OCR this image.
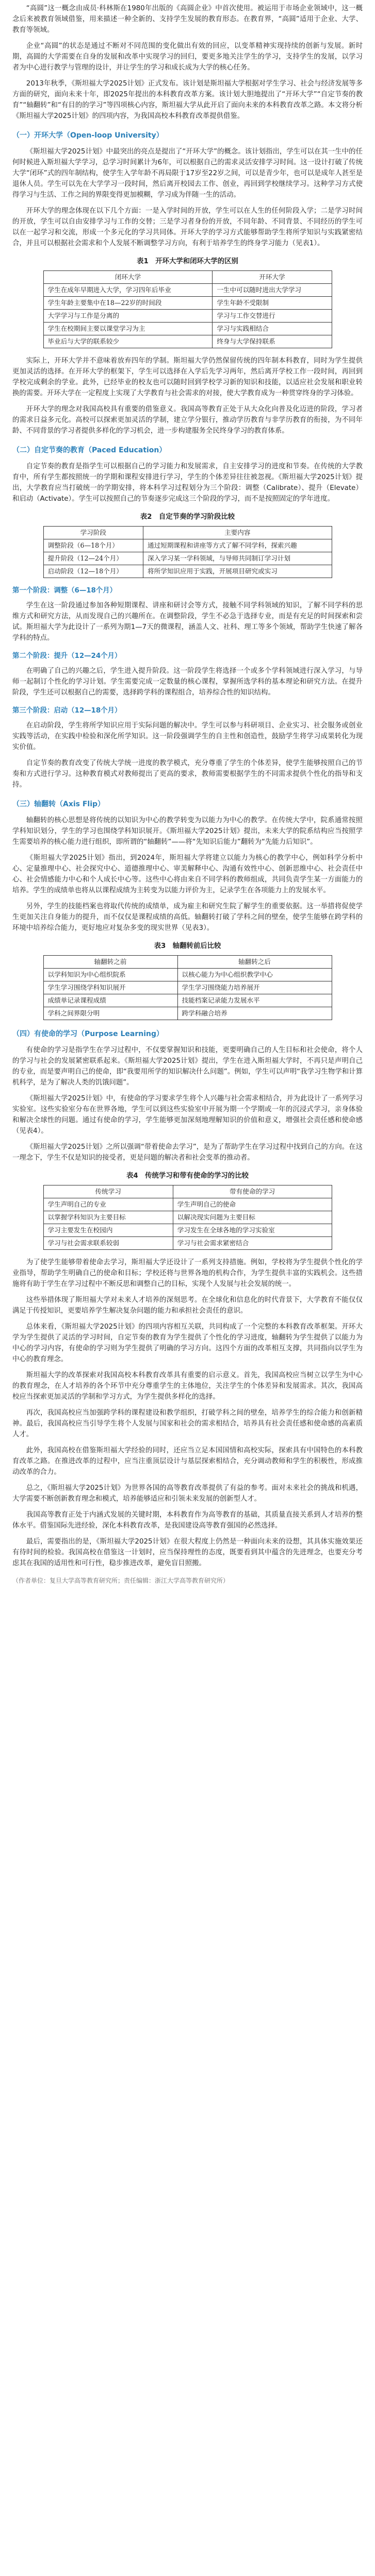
“高圆”这一概念由成员·科林斯在1980年出版的《高圆企业》中首次使用。被运用于市场企业领域中，这一概念后来被教育领域借鉴，用来描述一种全新的、支持学生发展的教育形态。在教育界，“高圆”适用于企业、大学、教育等领域。

企业“高圆”的状态是通过不断对不同范围的变化做出有效的回应，以变革精神实现持续的创新与发展。新时期，高圆的大学需要在自身的发展和改革中实现学习的回归，要更多地关注学生的学习，支持学生的发展，以学习者为中心进行教学与管理的设计，并让学生的学习和成长成为大学的核心任务。

2013年秋季，《斯坦福大学2025计划》正式发布。该计划是斯坦福大学根据对学生学习、社会与经济发展等多方面的研究，面向未来十年，即2025年提出的本科教育改革方案。该计划大胆地提出了“开环大学”“自定节奏的教育”“轴翻转”和“有目的的学习”等四项核心内容，斯坦福大学从此开启了面向未来的本科教育改革之路。本文将分析《斯坦福大学2025计划》的四项内容，为我国高校本科教育改革提供借鉴。

（一）开环大学（Open-loop University）

《斯坦福大学2025计划》中最突出的亮点是提出了“开环大学”的概念。该计划指出，学生可以在其一生中的任何时候进入斯坦福大学学习，总学习时间累计为6年，可以根据自己的需求灵活安排学习时间。这一设计打破了传统大学“闭环”式的四年制结构，使学生入学年龄不再局限于17岁至22岁之间，可以是青少年，也可以是成年人甚至是退休人员。学生可以先在大学学习一段时间，然后离开校园去工作、创业，再回到学校继续学习。这种学习方式使得学习与生活、工作之间的界限变得更加模糊，学习成为伴随一生的活动。

开环大学的理念体现在以下几个方面：一是入学时间的开放，学生可以在人生的任何阶段入学；二是学习时间的开放，学生可以自由安排学习与工作的交替；三是学习者身份的开放，不同年龄、不同背景、不同经历的学生可以在一起学习和交流，形成一个多元化的学习共同体。开环大学的学习方式能够帮助学生将所学知识与实践紧密结合，并且可以根据社会需求和个人发展不断调整学习方向，有利于培养学生的终身学习能力（见表1）。

表1　开环大学和闭环大学的区别
闭环大学	开环大学
学生在成年早期进入大学，学习四年后毕业	一生中可以随时进出大学学习
学生年龄主要集中在18—22岁的时间段	学生年龄不受限制
大学学习与工作是分离的	学习与工作交替进行
学生在校期间主要以课堂学习为主	学习与实践相结合
毕业后与大学的联系较少	终身与大学保持联系

实际上，开环大学并不意味着放弃四年的学制。斯坦福大学仍然保留传统的四年制本科教育，同时为学生提供更加灵活的选择。在开环大学的框架下，学生可以选择在入学后先学习两年，然后离开学校工作一段时间，再回到学校完成剩余的学业。此外，已经毕业的校友也可以随时回到学校学习新的知识和技能，以适应社会发展和职业转换的需要。开环大学在一定程度上实现了大学教育与社会需求的对接，使大学教育成为一种贯穿终身的学习体验。

开环大学的理念对我国高校具有重要的借鉴意义。我国高等教育正处于从大众化向普及化迈进的阶段，学习者的需求日益多元化。高校可以探索更加灵活的学制，建立学分银行，推动学历教育与非学历教育的衔接，为不同年龄、不同背景的学习者提供多样化的学习机会，进一步构建服务全民终身学习的教育体系。

（二）自定节奏的教育（Paced Education）

自定节奏的教育是指学生可以根据自己的学习能力和发展需求，自主安排学习的进度和节奏。在传统的大学教育中，所有学生都按照统一的学期和课程安排进行学习，学生的个体差异往往被忽视。《斯坦福大学2025计划》提出，大学教育应当打破统一的学期安排，将本科学习过程划分为三个阶段：调整（Calibrate）、提升（Elevate）和启动（Activate）。学生可以按照自己的节奏逐步完成这三个阶段的学习，而不是按照固定的学年进度。

表2　自定节奏的学习阶段比较
学习阶段	主要内容
调整阶段（6—18个月）	通过短期课程和讲座等方式了解不同学科，探索兴趣
提升阶段（12—24个月）	深入学习某一学科领域，与导师共同制订学习计划
启动阶段（12—18个月）	将所学知识应用于实践，开展项目研究或实习
第一个阶段：调整（6—18个月）

学生在这一阶段通过参加各种短期课程、讲座和研讨会等方式，接触不同学科领域的知识，了解不同学科的思维方式和研究方法，从而发现自己的兴趣所在。在调整阶段，学生不必急于选择专业，而是有充足的时间探索和尝试。斯坦福大学为此设计了一系列为期1—7天的微课程，涵盖人文、社科、理工等多个领域，帮助学生快速了解各学科的特点。

第二个阶段：提升（12—24个月）

在明确了自己的兴趣之后，学生进入提升阶段。这一阶段学生将选择一个或多个学科领域进行深入学习，与导师一起制订个性化的学习计划。学生需要完成一定数量的核心课程，掌握所选学科的基本理论和研究方法。在提升阶段，学生还可以根据自己的需要，选择跨学科的课程组合，培养综合性的知识结构。

第三个阶段：启动（12—18个月）

在启动阶段，学生将所学知识应用于实际问题的解决中。学生可以参与科研项目、企业实习、社会服务或创业实践等活动，在实践中检验和深化所学知识。这一阶段强调学生的自主性和创造性，鼓励学生将学习成果转化为现实价值。

自定节奏的教育改变了传统大学统一进度的教学模式，充分尊重了学生的个体差异，使学生能够按照自己的节奏和方式进行学习。这种教育模式对教师提出了更高的要求，教师需要根据学生的不同需求提供个性化的指导和支持。

（三）轴翻转（Axis Flip）

轴翻转的核心思想是将传统的以知识为中心的教学转变为以能力为中心的教学。在传统大学中，院系通常按照学科知识划分，学生的学习也围绕学科知识展开。《斯坦福大学2025计划》提出，未来大学的院系结构应当按照学生需要培养的核心能力进行组织，即所谓的“轴翻转”——将“先知识后能力”翻转为“先能力后知识”。

《斯坦福大学2025计划》指出，到2024年，斯坦福大学将建立以能力为核心的教学中心，例如科学分析中心、定量推理中心、社会探究中心、道德推理中心、审美解释中心、沟通有效性中心、创新思维中心、社会责任中心、社会情感能力中心和个人成长中心等。这些中心将由来自不同学科的教师组成，共同负责学生某一方面能力的培养。学生的成绩单也将从以课程成绩为主转变为以能力评价为主，记录学生在各项能力上的发展水平。

另外，学生的技能档案也将取代传统的成绩单，成为雇主和研究生院了解学生的重要依据。这一举措将促使学生更加关注自身能力的提升，而不仅仅是课程成绩的高低。轴翻转打破了学科之间的壁垒，使学生能够在跨学科的环境中培养综合能力，更好地应对复杂多变的现实世界（见表3）。

表3　轴翻转前后比较
轴翻转之前	轴翻转之后
以学科知识为中心组织院系	以核心能力为中心组织教学中心
学生学习围绕学科知识展开	学生学习围绕能力培养展开
成绩单记录课程成绩	技能档案记录能力发展水平
学科之间界限分明	跨学科融合培养
（四）有使命的学习（Purpose Learning）

有使命的学习是指学生在学习过程中，不仅要掌握知识和技能，更要明确自己的人生目标和社会使命，将个人的学习与社会的发展紧密联系起来。《斯坦福大学2025计划》提出，学生在进入斯坦福大学时，不再只是声明自己的专业，而是要声明自己的使命，即“我要用所学的知识解决什么问题”。例如，学生可以声明“我学习生物学和计算机科学，是为了解决人类的饥饿问题”。

《斯坦福大学2025计划》中，有使命的学习要求学生将个人兴趣与社会需求相结合，并为此设计了一系列学习实验室。这些实验室分布在世界各地，学生可以到这些实验室中开展为期一个学期或一年的沉浸式学习，亲身体验和解决全球性的问题。通过有使命的学习，学生能够更加深刻地理解知识的价值和意义，增强社会责任感和使命感（见表4）。

《斯坦福大学2025计划》之所以强调“带着使命去学习”，是为了帮助学生在学习过程中找到自己的方向。在这一理念下，学生不仅是知识的接受者，更是问题的解决者和社会变革的推动者。

表4　传统学习和带有使命的学习的比较
传统学习	带有使命的学习
学生声明自己的专业	学生声明自己的使命
以掌握学科知识为主要目标	以解决现实问题为主要目标
学习主要发生在校园内	学习发生在全球各地的学习实验室
学习与社会需求联系较弱	学习与社会需求紧密结合

为了使学生能够带着使命去学习，斯坦福大学还设计了一系列支持措施。例如，学校将为学生提供个性化的学业指导，帮助学生明确自己的使命和目标；学校还将与世界各地的机构合作，为学生提供丰富的实践机会。这些措施将有助于学生在学习过程中不断反思和调整自己的目标，实现个人发展与社会发展的统一。

这些举措体现了斯坦福大学对未来人才培养的深刻思考。在全球化和信息化的时代背景下，大学教育不能仅仅满足于传授知识，更要培养学生解决复杂问题的能力和承担社会责任的意识。

总体来看，《斯坦福大学2025计划》的四项内容相互关联，共同构成了一个完整的本科教育改革框架。开环大学为学生提供了灵活的学习时间，自定节奏的教育为学生提供了个性化的学习进度，轴翻转为学生提供了以能力为中心的学习内容，有使命的学习则为学生提供了明确的学习方向。这四个方面的改革相互支撑，共同指向以学生为中心的教育理念。

斯坦福大学的改革探索对我国高校本科教育改革具有重要的启示意义。首先，我国高校应当树立以学生为中心的教育理念，在人才培养的各个环节中充分尊重学生的主体地位，关注学生的个体差异和发展需求。其次，我国高校应当探索更加灵活的学制和学习方式，为学生提供多样化的选择。

再次，我国高校应当加强跨学科的课程建设和教学组织，打破学科之间的壁垒，培养学生的综合能力和创新精神。最后，我国高校应当引导学生将个人发展与国家和社会的需求相结合，培养具有社会责任感和使命感的高素质人才。

此外，我国高校在借鉴斯坦福大学经验的同时，还应当立足本国国情和高校实际，探索具有中国特色的本科教育改革之路。在推进改革的过程中，应当注重顶层设计与基层探索相结合，充分调动教师和学生的积极性，形成推动改革的合力。

总之，《斯坦福大学2025计划》为世界各国的高等教育改革提供了有益的参考。面对未来社会的挑战和机遇，大学需要不断创新教育理念和模式，培养能够适应和引领未来发展的创新型人才。

我国高等教育正处于内涵式发展的关键时期，本科教育作为高等教育的基础，其质量直接关系到人才培养的整体水平。借鉴国际先进经验，深化本科教育改革，是我国建设高等教育强国的必然选择。

最后，需要指出的是，《斯坦福大学2025计划》在很大程度上仍然是一种面向未来的设想，其具体实施效果还有待时间的检验。我国高校在借鉴这一计划时，应当保持理性的态度，既要看到其中蕴含的先进理念，也要充分考虑其在我国的适用性和可行性，稳步推进改革，避免盲目照搬。

（作者单位：复旦大学高等教育研究所；责任编辑：浙江大学高等教育研究所）
